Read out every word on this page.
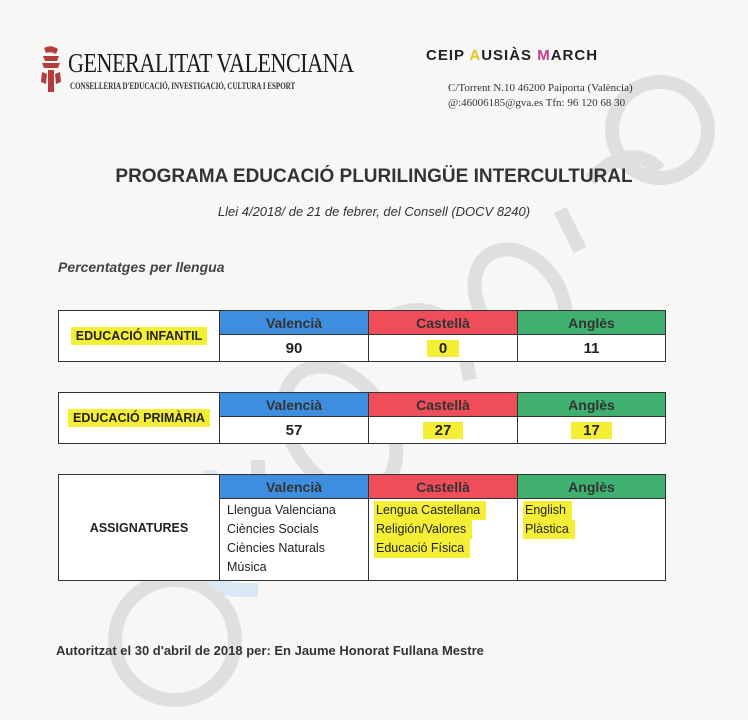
GENERALITAT VALENCIANA
CONSELLERIA D'EDUCACIÓ, INVESTIGACIÓ, CULTURA I ESPORT
CEIP AUSIÀS MARCH
C/Torrent N.10 46200 Paiporta (València)
@:46006185@gva.es Tfn: 96 120 68 30
PROGRAMA EDUCACIÓ PLURILINGÜE INTERCULTURAL
Llei 4/2018/ de 21 de febrer, del Consell (DOCV 8240)
Percentatges per llengua
EDUCACIÓ INFANTIL
Valencià
90
Castellà
0
Anglès
11
EDUCACIÓ PRIMÀRIA
Valencià
57
Castellà
27
Anglès
17
ASSIGNATURES
Valencià
Llengua Valenciana
Ciències Socials
Ciències Naturals
Música
Castellà
Lengua Castellana
Religión/Valores
Educació Física
Anglès
English
Plàstica
Autoritzat el 30 d'abril de 2018 per: En Jaume Honorat Fullana Mestre
